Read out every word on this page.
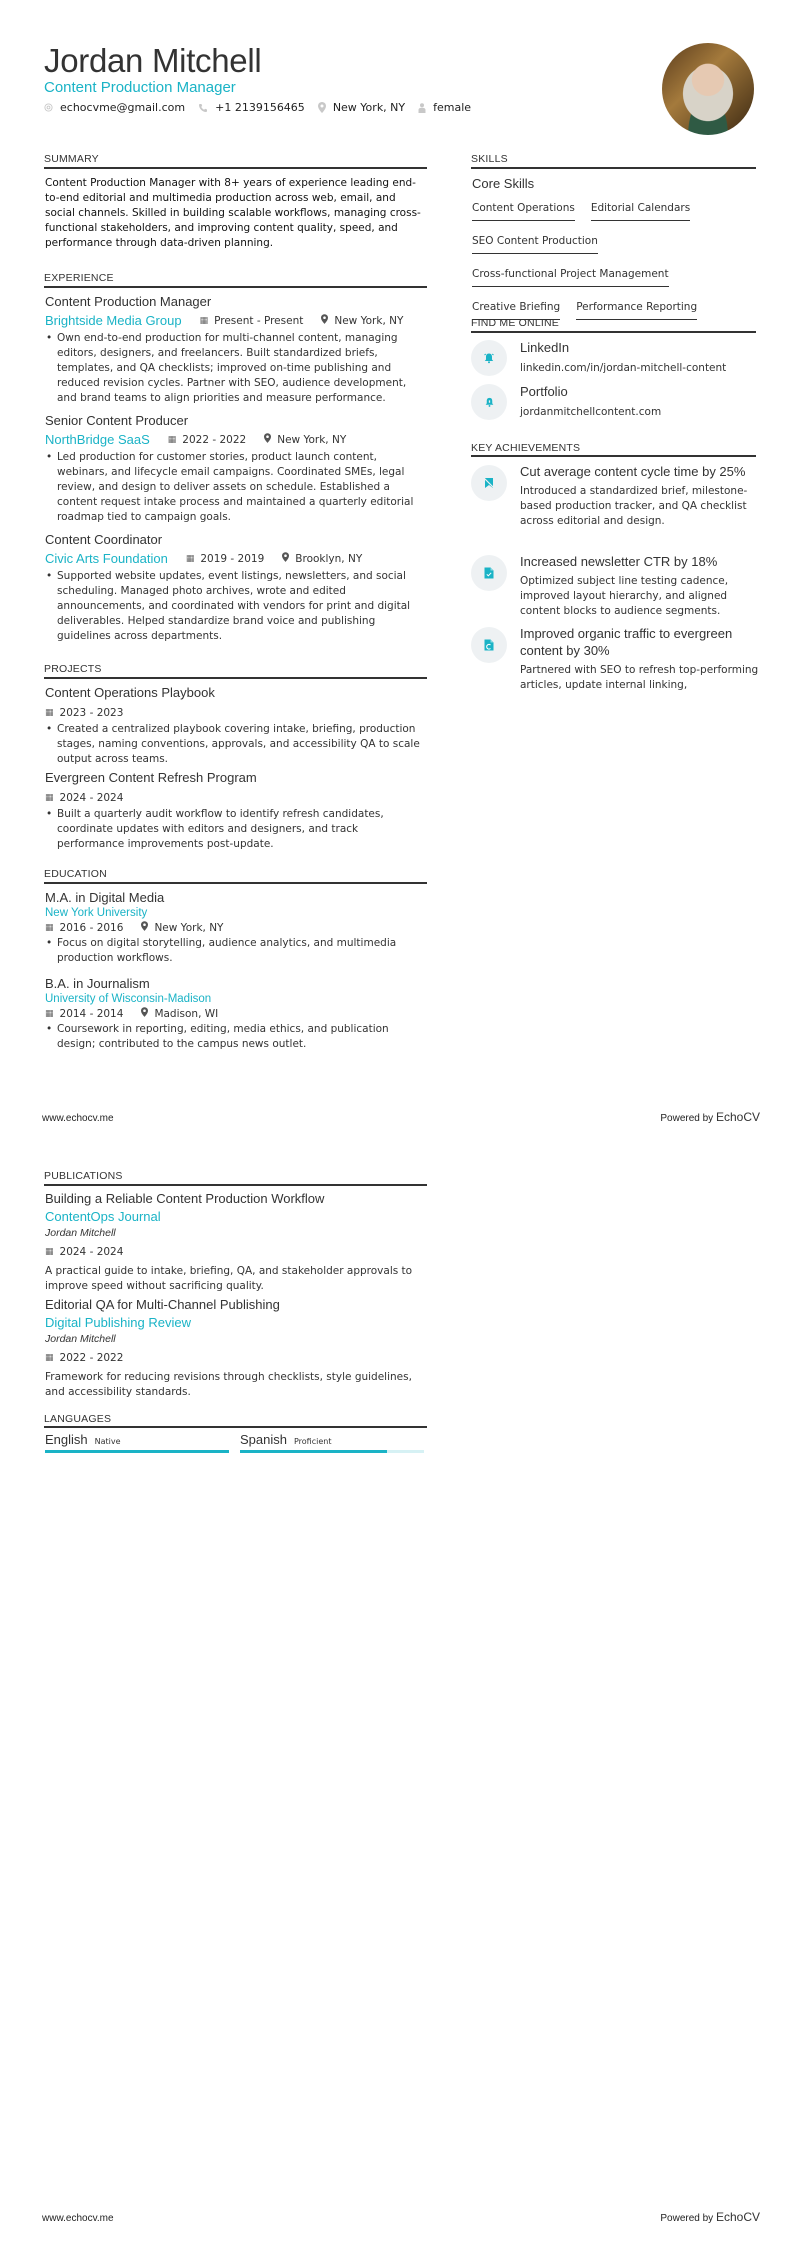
Jordan Mitchell
Content Production Manager
echocvme@gmail.com	+1 2139156465	New York, NY	female
SUMMARY
Content Production Manager with 8+ years of experience leading end-to-end editorial and multimedia production across web, email, and social channels. Skilled in building scalable workflows, managing cross-functional stakeholders, and improving content quality, speed, and performance through data-driven planning.
EXPERIENCE
Content Production Manager
Brightside Media Group ▦ Present - Present	New York, NY
• Own end-to-end production for multi-channel content, managing editors, designers, and freelancers. Built standardized briefs, templates, and QA checklists; improved on-time publishing and reduced revision cycles. Partner with SEO, audience development, and brand teams to align priorities and measure performance.
Senior Content Producer
NorthBridge SaaS ▦ 2022 - 2022	New York, NY
• Led production for customer stories, product launch content, webinars, and lifecycle email campaigns. Coordinated SMEs, legal review, and design to deliver assets on schedule. Established a content request intake process and maintained a quarterly editorial roadmap tied to campaign goals.
Content Coordinator
Civic Arts Foundation ▦ 2019 - 2019	Brooklyn, NY
• Supported website updates, event listings, newsletters, and social scheduling. Managed photo archives, wrote and edited announcements, and coordinated with vendors for print and digital deliverables. Helped standardize brand voice and publishing guidelines across departments.
PROJECTS
Content Operations Playbook
▦ 2023 - 2023
• Created a centralized playbook covering intake, briefing, production stages, naming conventions, approvals, and accessibility QA to scale output across teams.
Evergreen Content Refresh Program
▦ 2024 - 2024
• Built a quarterly audit workflow to identify refresh candidates, coordinate updates with editors and designers, and track performance improvements post-update.
EDUCATION
M.A. in Digital Media
New York University
▦ 2016 - 2016	New York, NY
• Focus on digital storytelling, audience analytics, and multimedia production workflows.
B.A. in Journalism
University of Wisconsin-Madison
▦ 2014 - 2014	Madison, WI
• Coursework in reporting, editing, media ethics, and publication design; contributed to the campus news outlet.
SKILLS
Core Skills
Content Operations Editorial Calendars
SEO Content Production
Cross-functional Project Management
Creative Briefing Performance Reporting
FIND ME ONLINE
LinkedIn
linkedin.com/in/jordan-mitchell-content
Portfolio
jordanmitchellcontent.com
KEY ACHIEVEMENTS
Cut average content cycle time by 25%
Introduced a standardized brief, milestone-based production tracker, and QA checklist across editorial and design.
Increased newsletter CTR by 18%
Optimized subject line testing cadence, improved layout hierarchy, and aligned content blocks to audience segments.
Improved organic traffic to evergreen content by 30%
Partnered with SEO to refresh top-performing articles, update internal linking,
www.echocv.me	Powered by EchoCV
PUBLICATIONS
Building a Reliable Content Production Workflow
ContentOps Journal
Jordan Mitchell
▦ 2024 - 2024
A practical guide to intake, briefing, QA, and stakeholder approvals to improve speed without sacrificing quality.
Editorial QA for Multi-Channel Publishing
Digital Publishing Review
Jordan Mitchell
▦ 2022 - 2022
Framework for reducing revisions through checklists, style guidelines, and accessibility standards.
LANGUAGES
English Native	Spanish Proficient
www.echocv.me	Powered by EchoCV
